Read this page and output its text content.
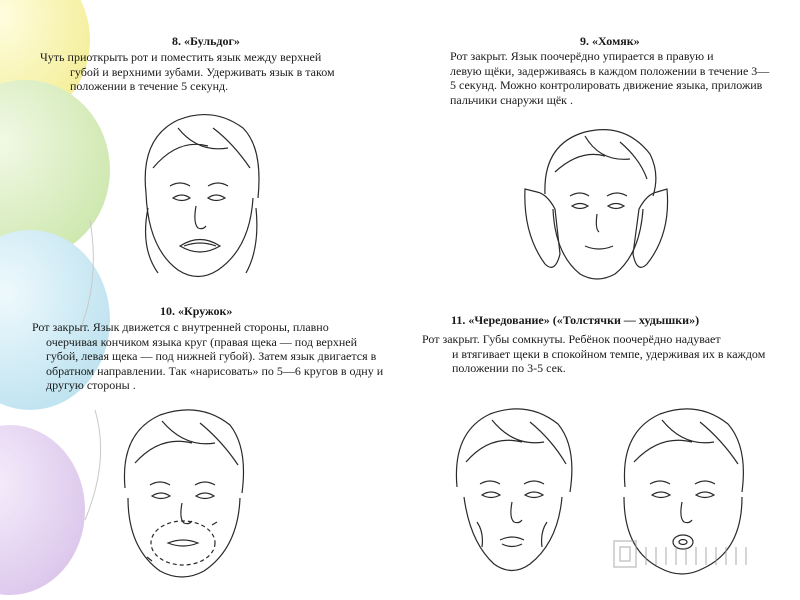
8. «Бульдог»
Чуть приоткрыть рот и поместить язык между верхней
губой и верхними зубами. Удерживать язык в таком положении в течение 5 секунд.
9. «Хомяк»
Рот закрыт. Язык поочерёдно упирается в правую и
левую щёки, задерживаясь в каждом положении в течение 3—5 секунд. Можно контролировать движение языка, приложив пальчики снаружи щёк .
10. «Кружок»
Рот закрыт. Язык движется с внутренней стороны, плавно
очерчивая кончиком языка круг (правая щека — под верхней губой, левая щека — под нижней губой). Затем язык двигается в обратном направлении. Так «нарисовать» по 5—6 кругов в одну и другую стороны .
11. «Чередование» («Толстячки — худышки»)
Рот закрыт. Губы сомкнуты. Ребёнок поочерёдно надувает
и втягивает щеки в спокойном темпе, удерживая их в каждом положении по 3-5 сек.
